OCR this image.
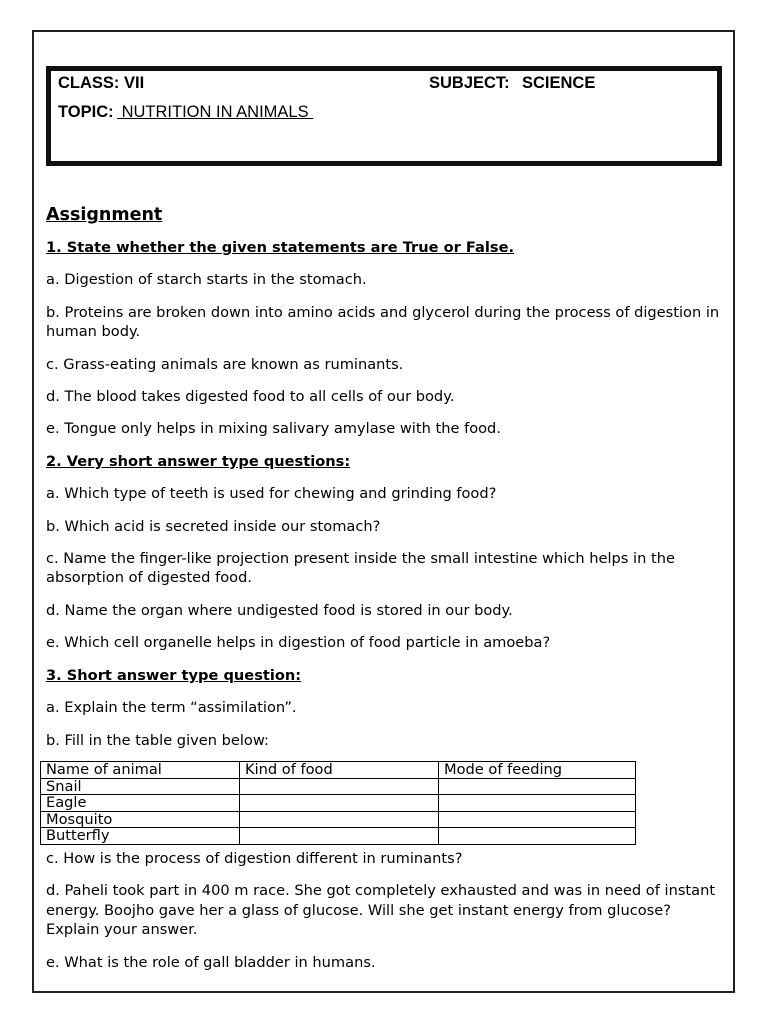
CLASS: VII	SUBJECT: SCIENCE
TOPIC: NUTRITION IN ANIMALS
Assignment
1. State whether the given statements are True or False.
a. Digestion of starch starts in the stomach.
b. Proteins are broken down into amino acids and glycerol during the process of digestion in human body.
c. Grass-eating animals are known as ruminants.
d. The blood takes digested food to all cells of our body.
e. Tongue only helps in mixing salivary amylase with the food.
2. Very short answer type questions:
a. Which type of teeth is used for chewing and grinding food?
b. Which acid is secreted inside our stomach?
c. Name the finger-like projection present inside the small intestine which helps in the absorption of digested food.
d. Name the organ where undigested food is stored in our body.
e. Which cell organelle helps in digestion of food particle in amoeba?
3. Short answer type question:
a. Explain the term “assimilation”.
b. Fill in the table given below:
Name of animal	Kind of food	Mode of feeding
Snail		
Eagle		
Mosquito		
Butterfly		
c. How is the process of digestion different in ruminants?
d. Paheli took part in 400 m race. She got completely exhausted and was in need of instant energy. Boojho gave her a glass of glucose. Will she get instant energy from glucose? Explain your answer.
e. What is the role of gall bladder in humans.
